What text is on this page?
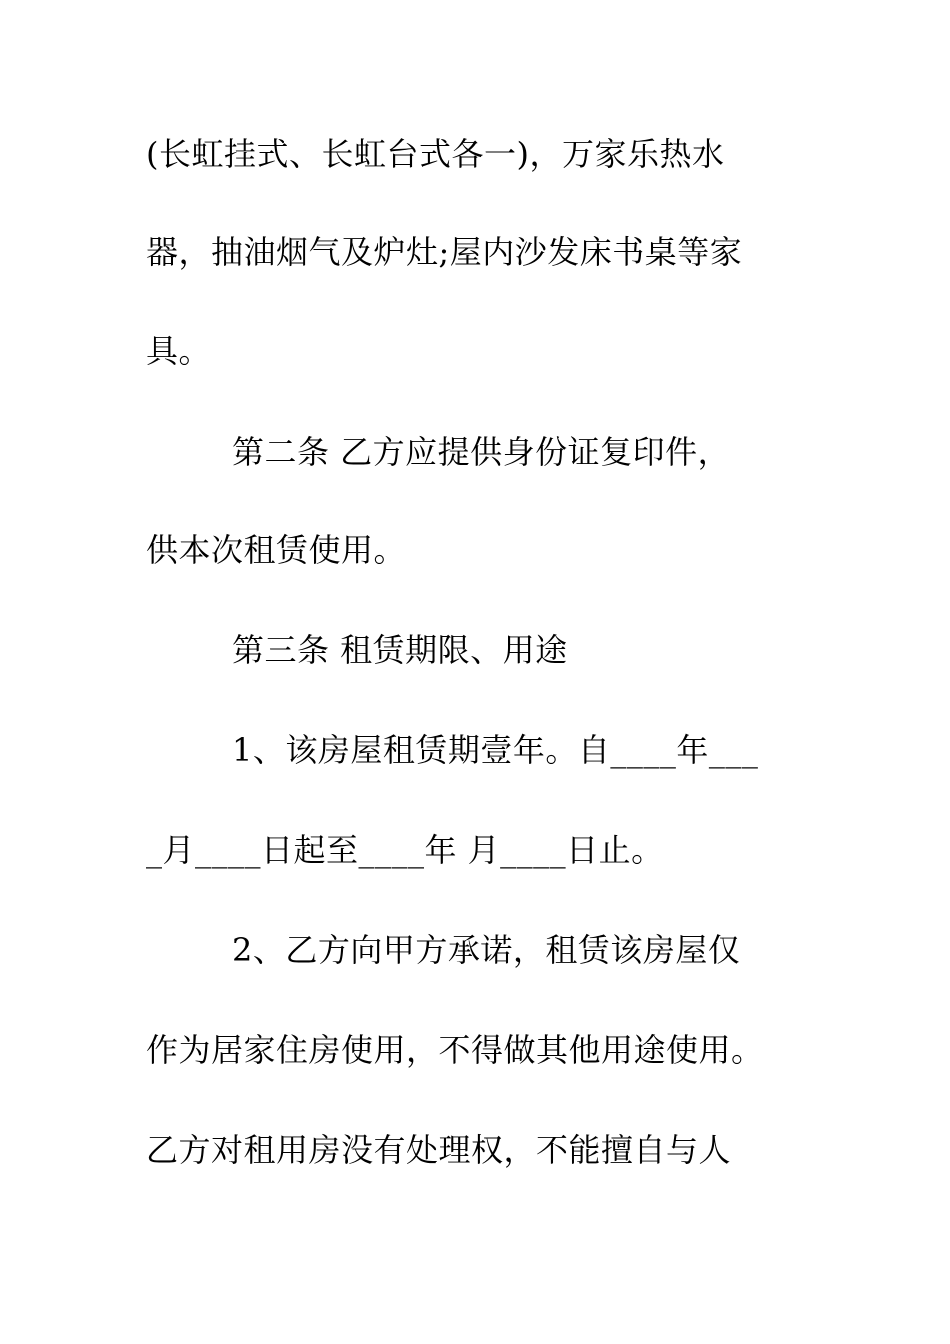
(长虹挂式、长虹台式各一)，万家乐热水
器，抽油烟气及炉灶;屋内沙发床书桌等家
具。
第二条 乙方应提供身份证复印件，
供本次租赁使用。
第三条 租赁期限、用途
1、该房屋租赁期壹年。自____年___
_月____日起至____年 月____日止。
2、乙方向甲方承诺，租赁该房屋仅
作为居家住房使用，不得做其他用途使用。
乙方对租用房没有处理权，不能擅自与人
